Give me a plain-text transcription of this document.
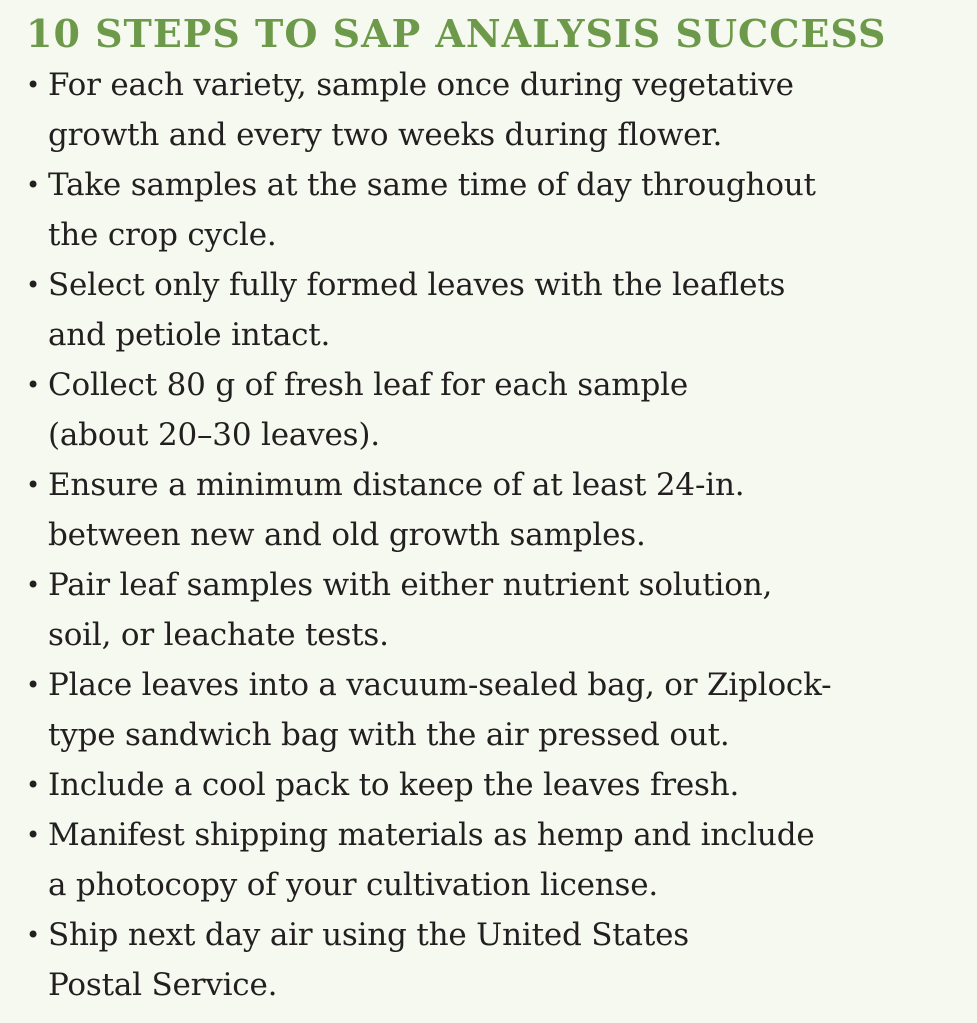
10 STEPS TO SAP ANALYSIS SUCCESS
• For each variety, sample once during vegetative
growth and every two weeks during flower.
• Take samples at the same time of day throughout
the crop cycle.
• Select only fully formed leaves with the leaflets
and petiole intact.
• Collect 80 g of fresh leaf for each sample
(about 20–30 leaves).
• Ensure a minimum distance of at least 24-in.
between new and old growth samples.
• Pair leaf samples with either nutrient solution,
soil, or leachate tests.
• Place leaves into a vacuum-sealed bag, or Ziplock-
type sandwich bag with the air pressed out.
• Include a cool pack to keep the leaves fresh.
• Manifest shipping materials as hemp and include
a photocopy of your cultivation license.
• Ship next day air using the United States
Postal Service.
